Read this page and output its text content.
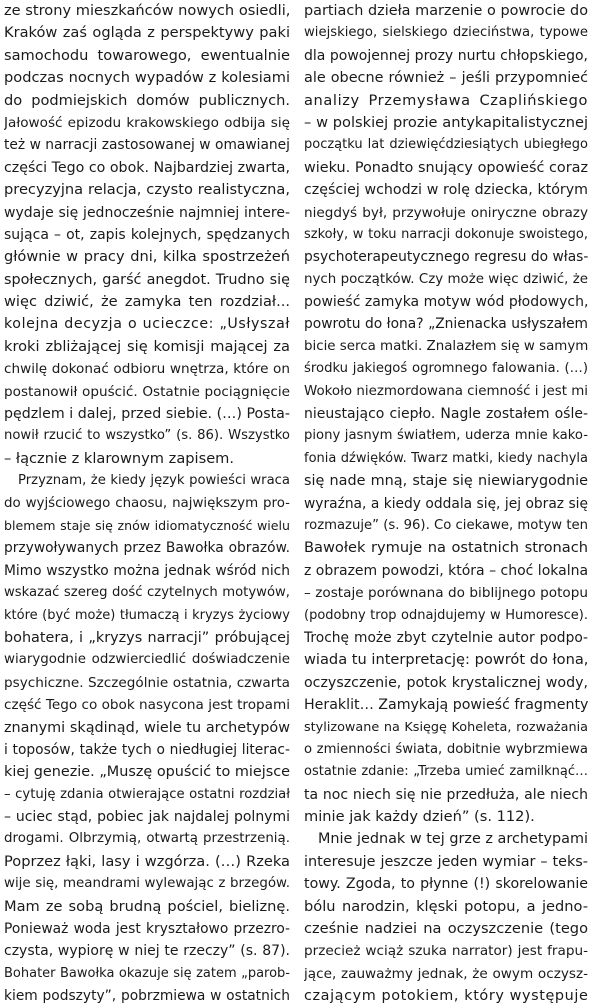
ze strony mieszkańców nowych osiedli,
Kraków zaś ogląda z perspektywy paki
samochodu towarowego, ewentualnie
podczas nocnych wypadów z kolesiami
do podmiejskich domów publicznych.
Jałowość epizodu krakowskiego odbija się
też w narracji zastosowanej w omawianej
części Tego co obok. Najbardziej zwarta,
precyzyjna relacja, czysto realistyczna,
wydaje się jednocześnie najmniej intere-
sująca – ot, zapis kolejnych, spędzanych
głównie w pracy dni, kilka spostrzeżeń
społecznych, garść anegdot. Trudno się
więc dziwić, że zamyka ten rozdział...
kolejna decyzja o ucieczce: „Usłyszał
kroki zbliżającej się komisji mającej za
chwilę dokonać odbioru wnętrza, które on
postanowił opuścić. Ostatnie pociągnięcie
pędzlem i dalej, przed siebie. (…) Posta-
nowił rzucić to wszystko” (s. 86). Wszystko
– łącznie z klarownym zapisem.
Przyznam, że kiedy język powieści wraca
do wyjściowego chaosu, największym pro-
blemem staje się znów idiomatyczność wielu
przywoływanych przez Bawołka obrazów.
Mimo wszystko można jednak wśród nich
wskazać szereg dość czytelnych motywów,
które (być może) tłumaczą i kryzys życiowy
bohatera, i „kryzys narracji” próbującej
wiarygodnie odzwierciedlić doświadczenie
psychiczne. Szczególnie ostatnia, czwarta
część Tego co obok nasycona jest tropami
znanymi skądinąd, wiele tu archetypów
i toposów, także tych o niedługiej literac-
kiej genezie. „Muszę opuścić to miejsce
– cytuję zdania otwierające ostatni rozdział
– uciec stąd, pobiec jak najdalej polnymi
drogami. Olbrzymią, otwartą przestrzenią.
Poprzez łąki, lasy i wzgórza. (…) Rzeka
wije się, meandrami wylewając z brzegów.
Mam ze sobą brudną pościel, bieliznę.
Ponieważ woda jest kryształowo przezro-
czysta, wypiorę w niej te rzeczy” (s. 87).
Bohater Bawołka okazuje się zatem „parob-
kiem podszyty”, pobrzmiewa w ostatnich
partiach dzieła marzenie o powrocie do
wiejskiego, sielskiego dzieciństwa, typowe
dla powojennej prozy nurtu chłopskiego,
ale obecne również – jeśli przypomnieć
analizy Przemysława Czaplińskiego
– w polskiej prozie antykapitalistycznej
początku lat dziewięćdziesiątych ubiegłego
wieku. Ponadto snujący opowieść coraz
częściej wchodzi w rolę dziecka, którym
niegdyś był, przywołuje oniryczne obrazy
szkoły, w toku narracji dokonuje swoistego,
psychoterapeutycznego regresu do włas-
nych początków. Czy może więc dziwić, że
powieść zamyka motyw wód płodowych,
powrotu do łona? „Znienacka usłyszałem
bicie serca matki. Znalazłem się w samym
środku jakiegoś ogromnego falowania. (…)
Wokoło niezmordowana ciemność i jest mi
nieustająco ciepło. Nagle zostałem ośle-
piony jasnym światłem, uderza mnie kako-
fonia dźwięków. Twarz matki, kiedy nachyla
się nade mną, staje się niewiarygodnie
wyraźna, a kiedy oddala się, jej obraz się
rozmazuje” (s. 96). Co ciekawe, motyw ten
Bawołek rymuje na ostatnich stronach
z obrazem powodzi, która – choć lokalna
– zostaje porównana do biblijnego potopu
(podobny trop odnajdujemy w Humoresce).
Trochę może zbyt czytelnie autor podpo-
wiada tu interpretację: powrót do łona,
oczyszczenie, potok krystalicznej wody,
Heraklit… Zamykają powieść fragmenty
stylizowane na Księgę Koheleta, rozważania
o zmienności świata, dobitnie wybrzmiewa
ostatnie zdanie: „Trzeba umieć zamilknąć…
ta noc niech się nie przedłuża, ale niech
minie jak każdy dzień” (s. 112).
Mnie jednak w tej grze z archetypami
interesuje jeszcze jeden wymiar – teks-
towy. Zgoda, to płynne (!) skorelowanie
bólu narodzin, klęski potopu, a jedno-
cześnie nadziei na oczyszczenie (tego
przecież wciąż szuka narrator) jest frapu-
jące, zauważmy jednak, że owym oczysz-
czającym potokiem, który występuje
